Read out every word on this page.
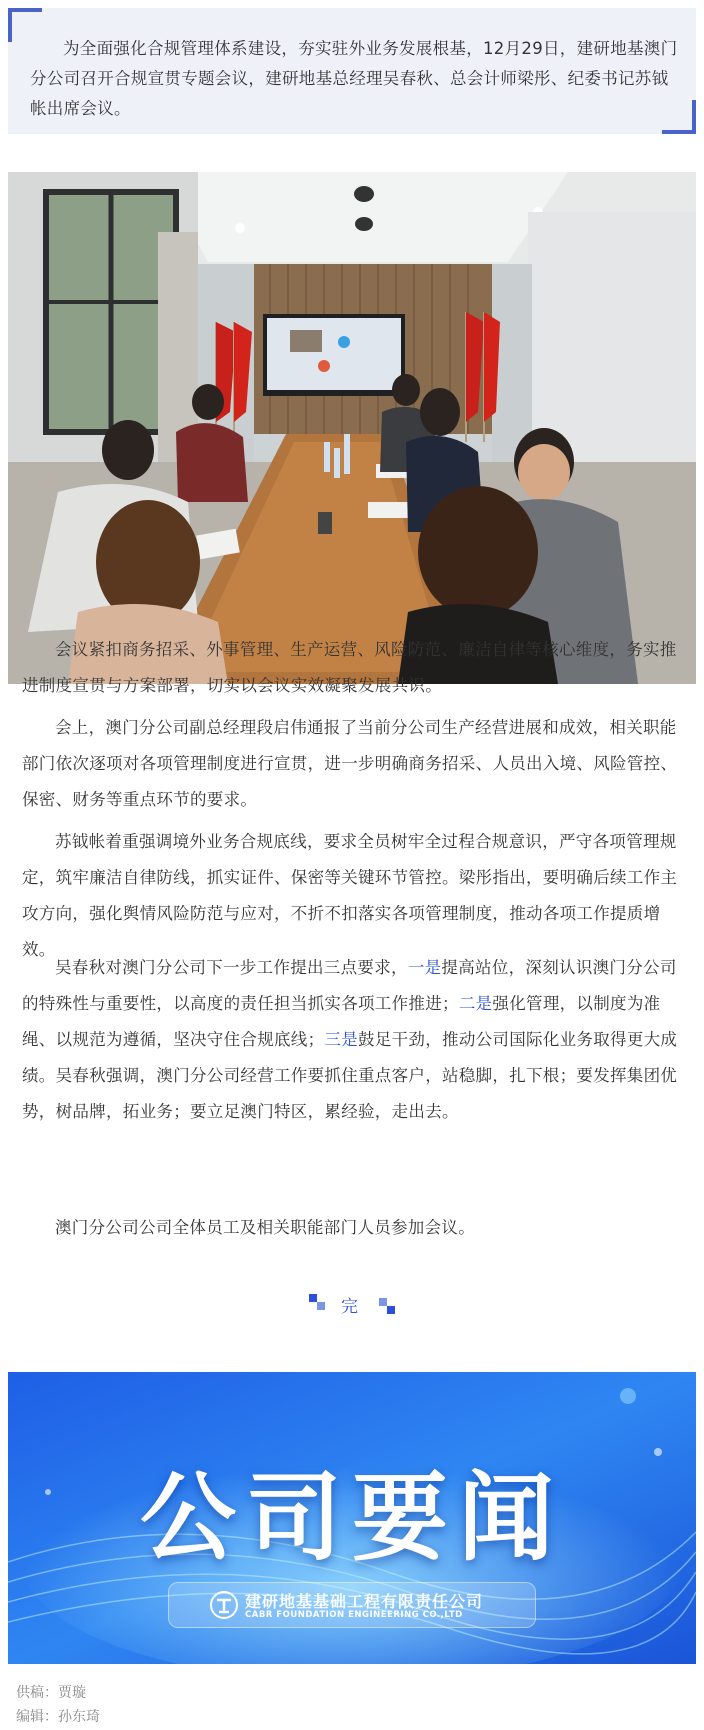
为全面强化合规管理体系建设，夯实驻外业务发展根基，12月29日，建研地基澳门分公司召开合规宣贯专题会议，建研地基总经理吴春秋、总会计师梁彤、纪委书记苏钺帐出席会议。

会议紧扣商务招采、外事管理、生产运营、风险防范、廉洁自律等核心维度，务实推进制度宣贯与方案部署，切实以会议实效凝聚发展共识。

会上，澳门分公司副总经理段启伟通报了当前分公司生产经营进展和成效，相关职能部门依次逐项对各项管理制度进行宣贯，进一步明确商务招采、人员出入境、风险管控、保密、财务等重点环节的要求。

苏钺帐着重强调境外业务合规底线，要求全员树牢全过程合规意识，严守各项管理规定，筑牢廉洁自律防线，抓实证件、保密等关键环节管控。梁彤指出，要明确后续工作主攻方向，强化舆情风险防范与应对，不折不扣落实各项管理制度，推动各项工作提质增效。

吴春秋对澳门分公司下一步工作提出三点要求，一是提高站位，深刻认识澳门分公司的特殊性与重要性，以高度的责任担当抓实各项工作推进；二是强化管理，以制度为准绳、以规范为遵循，坚决守住合规底线；三是鼓足干劲，推动公司国际化业务取得更大成绩。吴春秋强调，澳门分公司经营工作要抓住重点客户，站稳脚，扎下根；要发挥集团优势，树品牌，拓业务；要立足澳门特区，累经验，走出去。

澳门分公司公司全体员工及相关职能部门人员参加会议。

完
公司要闻
建研地基基础工程有限责任公司
CABR FOUNDATION ENGINEERING CO.,LTD
供稿：贾璇
编辑：孙东琦
